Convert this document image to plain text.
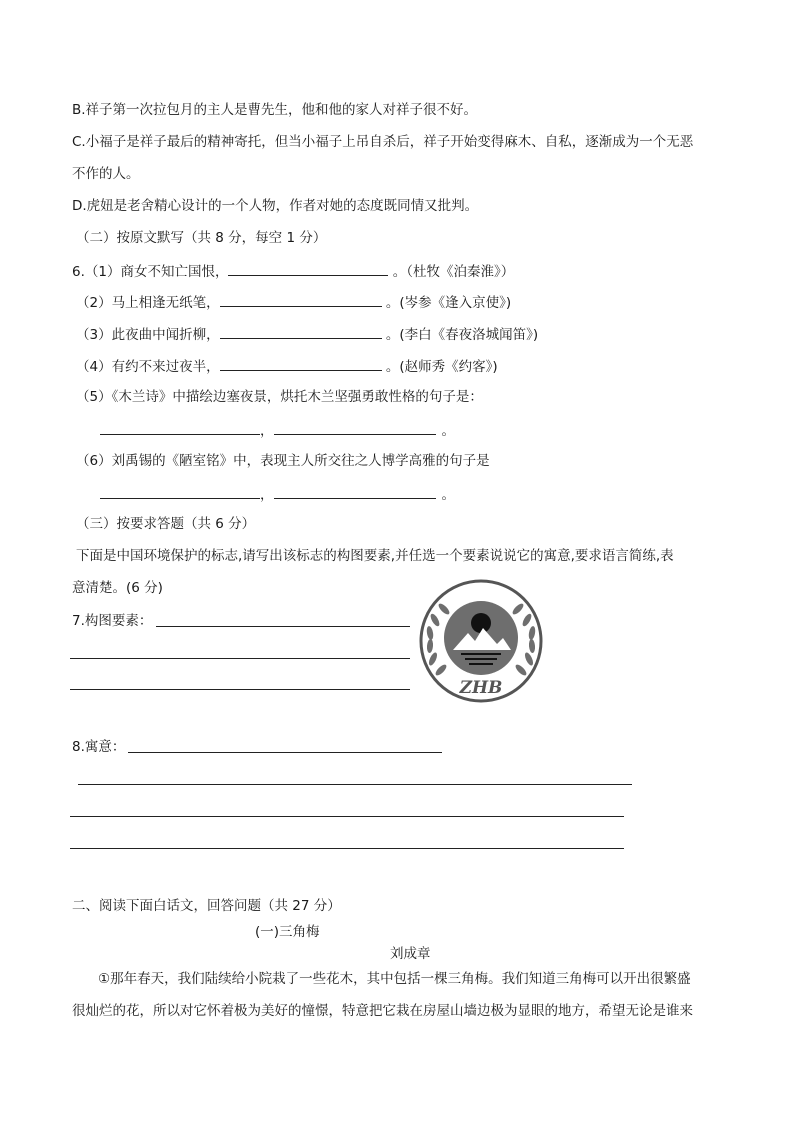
B.祥子第一次拉包月的主人是曹先生，他和他的家人对祥子很不好。
C.小福子是祥子最后的精神寄托，但当小福子上吊自杀后，祥子开始变得麻木、自私，逐渐成为一个无恶
不作的人。
D.虎妞是老舍精心设计的一个人物，作者对她的态度既同情又批判。
（二）按原文默写（共 8 分，每空 1 分）
6.（1）商女不知亡国恨，	。（杜牧《泊秦淮》）
（2）马上相逢无纸笔，	。(岑参《逢入京使》)
（3）此夜曲中闻折柳，	。(李白《春夜洛城闻笛》)
（4）有约不来过夜半，	。(赵师秀《约客》)
（5）《木兰诗》中描绘边塞夜景，烘托木兰坚强勇敢性格的句子是：
，	。
（6）刘禹锡的《陋室铭》中，表现主人所交往之人博学高雅的句子是
，	。
（三）按要求答题（共 6 分）
下面是中国环境保护的标志,请写出该标志的构图要素,并任选一个要素说说它的寓意,要求语言简练,表
意清楚。(6 分)
7.构图要素：
ZHB
8.寓意：
二、阅读下面白话文，回答问题（共 27 分）
(一)三角梅
刘成章
①那年春天，我们陆续给小院栽了一些花木，其中包括一棵三角梅。我们知道三角梅可以开出很繁盛
很灿烂的花，所以对它怀着极为美好的憧憬，特意把它栽在房屋山墙边极为显眼的地方，希望无论是谁来
